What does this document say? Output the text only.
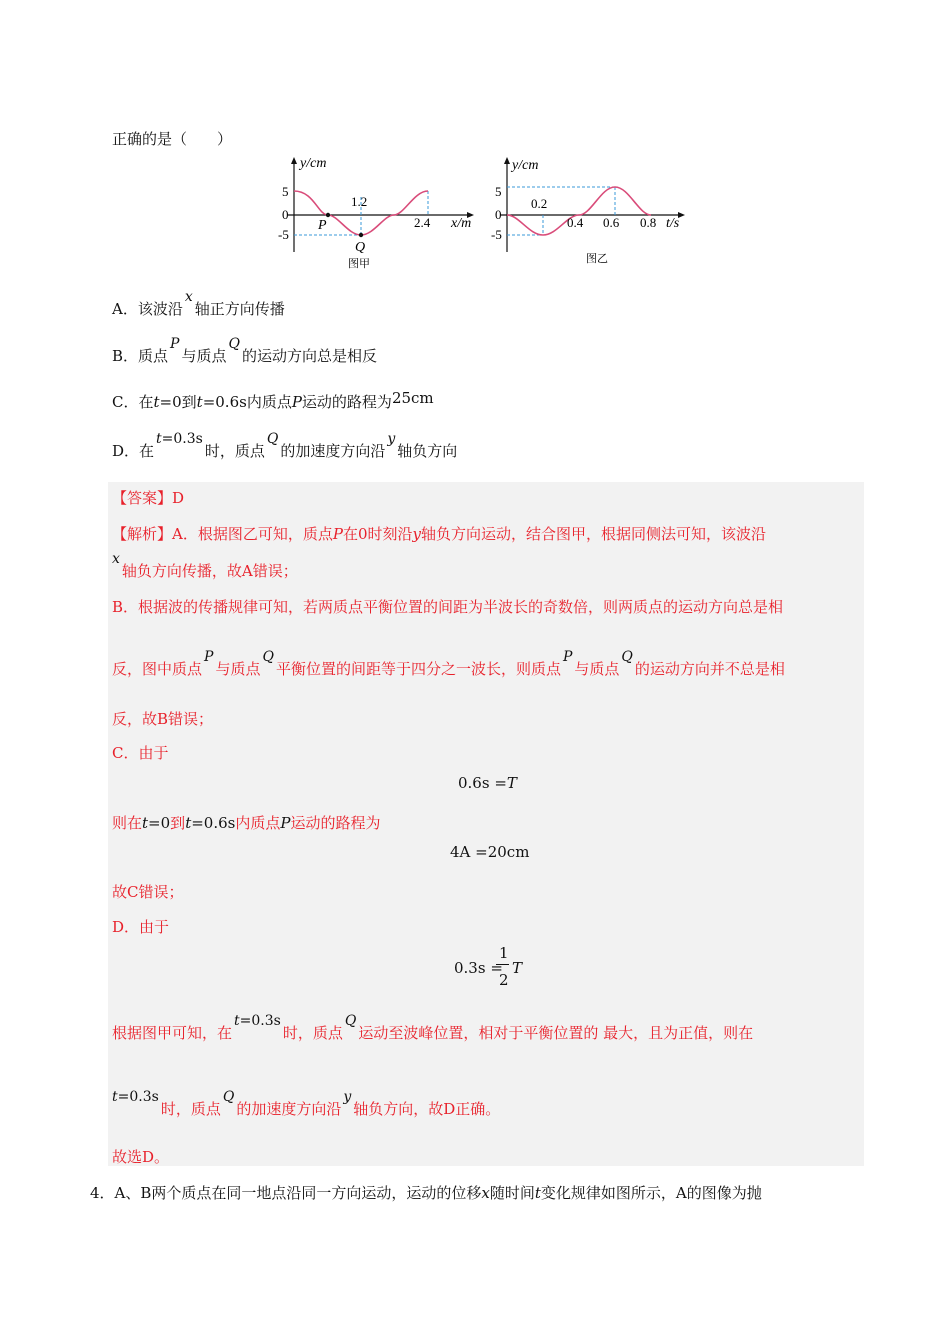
正确的是（　　）
y/cm
5
0
-5
1.2
2.4 x/m
P
Q
图甲
y/cm
5
0
-5
0.2
0.4 0.6 0.8 t/s
图乙
A．该波沿x轴正方向传播
B．质点P与质点Q的运动方向总是相反
C．在t=0到t=0.6s内质点P运动的路程为25cm
D．在t=0.3s时，质点Q的加速度方向沿y轴负方向
【答案】D
【解析】A．根据图乙可知，质点P在0时刻沿y轴负方向运动，结合图甲，根据同侧法可知，该波沿
x轴负方向传播，故A错误；
B．根据波的传播规律可知，若两质点平衡位置的间距为半波长的奇数倍，则两质点的运动方向总是相
反，图中质点P与质点Q平衡位置的间距等于四分之一波长，则质点P与质点Q的运动方向并不总是相
反，故B错误；
C．由于
0.6s =T
则在t=0到t=0.6s内质点P运动的路程为
4A =20cm
故C错误；
D．由于
0.3s =
1
2
T
根据图甲可知，在t=0.3s时，质点Q运动至波峰位置，相对于平衡位置的 最大，且为正值，则在
t=0.3s时，质点Q的加速度方向沿y轴负方向，故D正确。
故选D。
4．A、B两个质点在同一地点沿同一方向运动，运动的位移x随时间t变化规律如图所示，A的图像为抛
